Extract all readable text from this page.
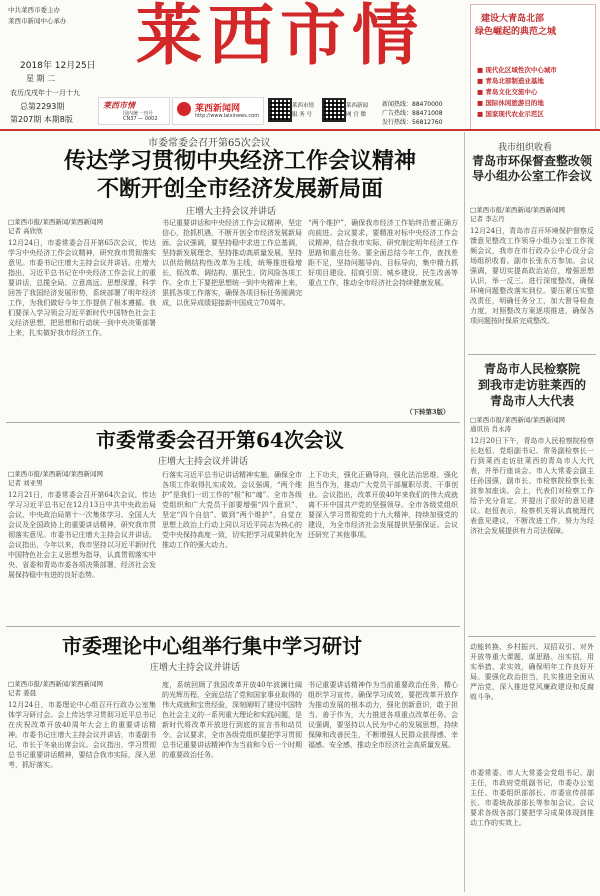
中共莱西市委主办
莱西市新闻中心承办 莱西市情
2018年 12月25日
星 期 二
农历戊戌年十一月十九
总第2293期
第207期 本期8版
莱西市情
国内统一刊号
CN37 — 0002
莱西新闻网
http://www.laixinews.com
莱西市情
服 务 号
莱西新闻
网 官 微
新闻热线：88470000
广告热线：88471008
发行热线：56812760
建设大青岛北部
绿色崛起的典范之城
■ 现代化区域性次中心城市
■ 青岛北部制造业基地
■ 青岛文化交流中心
■ 国际休闲旅游目的地
■ 国家现代农业示范区
市委常委会召开第65次会议
传达学习贯彻中央经济工作会议精神
不断开创全市经济发展新局面
庄增大主持会议并讲话
□莱西市报/莱西新闻/莱西新闻网
记者 高欣欣
12月24日，市委常委会召开第65次会议，传达学习中央经济工作会议精神，研究我市贯彻落实意见。市委书记庄增大主持会议并讲话。庄增大指出，习近平总书记在中央经济工作会议上的重要讲话，总揽全局、立意高远、思想深邃，科学回答了我国经济发展形势，系统部署了明年经济工作，为我们做好今年工作提供了根本遵循。我们要深入学习领会习近平新时代中国特色社会主义经济思想，把思想和行动统一到中央决策部署上来，扎实做好我市经济工作。
书记重要讲话和中央经济工作会议精神，坚定信心，抢抓机遇，不断开创全市经济发展新局面。会议强调，要坚持稳中求进工作总基调，坚持新发展理念，坚持推动高质量发展，坚持以供给侧结构性改革为主线，统筹推进稳增长、促改革、调结构、惠民生、防风险各项工作。全市上下要把思想统一到中央精神上来，狠抓各项工作落实，确保各项目标任务圆满完成，以优异成绩迎接新中国成立70周年。
“两个维护”，确保我市经济工作始终沿着正确方向前进。会议要求，要精准对标中央经济工作会议精神，结合我市实际，研究制定明年经济工作思路和重点任务。要全面总结今年工作，查找差距不足，坚持问题导向、目标导向，集中精力抓好项目建设、招商引资、城乡建设、民生改善等重点工作，推动全市经济社会持续健康发展。
（下转第3版）
市委常委会召开第64次会议
庄增大主持会议并讲话
□莱西市报/莱西新闻/莱西新闻网
记者 刘亚男
12月21日，市委常委会召开第64次会议，传达学习习近平总书记在12月13日中共中央政治局会议、中央政治局第十一次集体学习、全国人大会议及全国政协上的重要讲话精神，研究我市贯彻落实意见。市委书记庄增大主持会议并讲话。会议指出，今年以来，我市坚持以习近平新时代中国特色社会主义思想为指导，认真贯彻落实中央、省委和青岛市委各项决策部署，经济社会发展保持稳中有进的良好态势。
行落实习近平总书记讲话精神实施，确保全市各项工作取得扎实成效。会议强调，“两个维护”是我们一切工作的“根”和“魂”。全市各级党组织和广大党员干部要增强“四个意识”、坚定“四个自信”、做到“两个维护”，自觉在思想上政治上行动上同以习近平同志为核心的党中央保持高度一致，切实把学习成果转化为推动工作的强大动力。
上下功夫，强化正确导向，强化法治思维，强化担当作为，推动广大党员干部履职尽责、干事创业。会议指出，改革开放40年来我们的伟大成就离不开中国共产党的坚强领导。全市各级党组织要深入学习贯彻党的十九大精神，持续加强党的建设，为全市经济社会发展提供坚强保证。会议还研究了其他事项。
市委理论中心组举行集中学习研讨
庄增大主持会议并讲话
□莱西市报/莱西新闻/莱西新闻网
记者 姜晨
12月24日，市委理论中心组召开行政办公室集体学习研讨会。会上传达学习贯彻习近平总书记在庆祝改革开放40周年大会上的重要讲话精神。市委书记庄增大主持会议并讲话，市委副书记、市长于冬泉出席会议。会议指出，学习贯彻总书记重要讲话精神，要结合我市实际，深入思考，抓好落实。
度，系统回顾了我国改革开放40年波澜壮阔的光辉历程，全面总结了党和国家事业取得的伟大成就和宝贵经验，深刻阐明了建设中国特色社会主义的一系列重大理论和实践问题，是新时代将改革开放进行到底的宣言书和动员令。会议要求，全市各级党组织要把学习贯彻总书记重要讲话精神作为当前和今后一个时期的重要政治任务。
书记重要讲话精神作为当前重要政治任务，精心组织学习宣传，确保学习成效，要把改革开放作为推动发展的根本动力，强化创新意识，敢于担当、善于作为，大力推进各项重点改革任务。会议强调，要坚持以人民为中心的发展思想，持续保障和改善民生，不断增强人民群众获得感、幸福感、安全感，推动全市经济社会高质量发展。
我市组织收看
青岛市环保督查整改领导小组办公室工作会议
□莱西市报/莱西新闻/莱西新闻网
记者 李志丹
12月24日，青岛市召开环境保护督察反馈意见整改工作领导小组办公室工作视频会议，我市在市行政办公中心设分会场组织收看。副市长张东方参加。会议强调，要切实提高政治站位，增强思想认识，举一反三、进行深度整改，确保环境问题整改落实到位。要压紧压实整改责任，明确任务分工，加大督导检查力度，对照整改方案逐项推进，确保各项问题按时保质完成整改。
青岛市人民检察院
到我市走访驻莱西的
青岛市人大代表
□莱西市报/莱西新闻/莱西新闻网
通讯员 肖永涛
12月20日下午，青岛市人民检察院检察长赵恒、党组副书记、常务副检察长一行到莱西走访驻莱西的青岛市人大代表，并举行座谈会。市人大常委会副主任孙国强，副市长、市检察院检察长张波参加座谈。会上，代表们对检察工作给予充分肯定，并提出了很好的意见建议。赵恒表示，检察机关将认真梳理代表意见建议，不断改进工作，努力为经济社会发展提供有力司法保障。
动能转换、乡村振兴、双招双引、对外开放等重大课题，谋思路、出实招，用实举措、求实效，确保明年工作良好开局。要强化政治担当，扎实推进全面从严治党，深入推进党风廉政建设和反腐败斗争。
市委常委、市人大常委会党组书记、副主任，市政府党组副书记，市委办公室主任、市委组织部部长、市委宣传部部长、市委统战部部长等参加会议。会议要求各级各部门要把学习成果体现到推动工作的实效上。
